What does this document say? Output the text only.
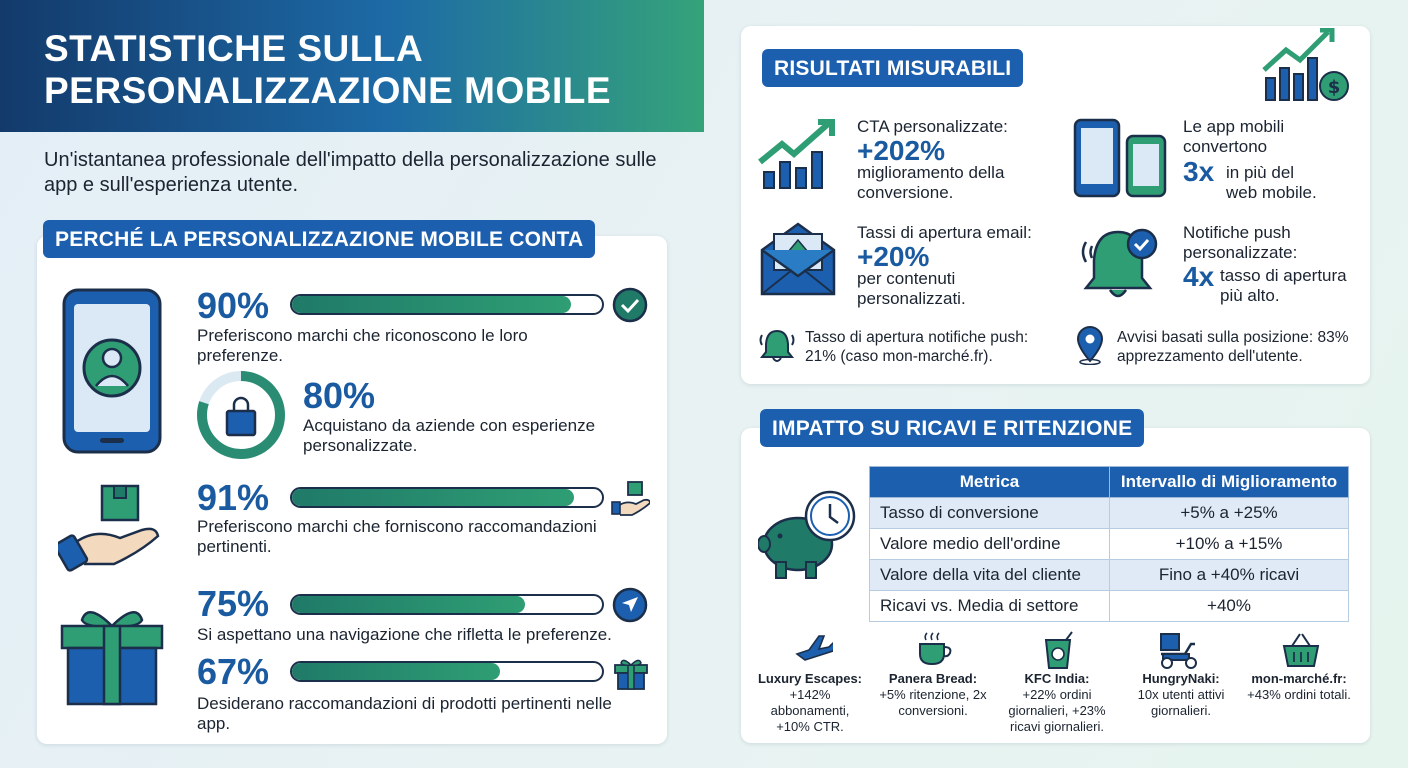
STATISTICHE SULLA
PERSONALIZZAZIONE MOBILE
Un'istantanea professionale dell'impatto della personalizzazione sulle app e sull'esperienza utente.
PERCHÉ LA PERSONALIZZAZIONE MOBILE CONTA
90%
Preferiscono marchi che riconoscono le loro preferenze.
80%
Acquistano da aziende con esperienze personalizzate.
91%
Preferiscono marchi che forniscono raccomandazioni pertinenti.
75%
Si aspettano una navigazione che rifletta le preferenze.
67%
Desiderano raccomandazioni di prodotti pertinenti nelle app.
RISULTATI MISURABILI
$
CTA personalizzate:
+202%
miglioramento della conversione.
Le app mobili convertono
3x in più del web mobile.
Tassi di apertura email:
+20%
per contenuti personalizzati.
Notifiche push personalizzate:
4x tasso di apertura più alto.
Tasso di apertura notifiche push: 21% (caso mon-marché.fr).
Avvisi basati sulla posizione: 83% apprezzamento dell'utente.
IMPATTO SU RICAVI E RITENZIONE
Metrica	Intervallo di Miglioramento
Tasso di conversione	+5% a +25%
Valore medio dell'ordine	+10% a +15%
Valore della vita del cliente	Fino a +40% ricavi
Ricavi vs. Media di settore	+40%
Luxury Escapes:
+142% abbonamenti, +10% CTR.
Panera Bread:
+5% ritenzione, 2x conversioni.
KFC India:
+22% ordini giornalieri, +23% ricavi giornalieri.
HungryNaki:
10x utenti attivi giornalieri.
mon-marché.fr:
+43% ordini totali.
